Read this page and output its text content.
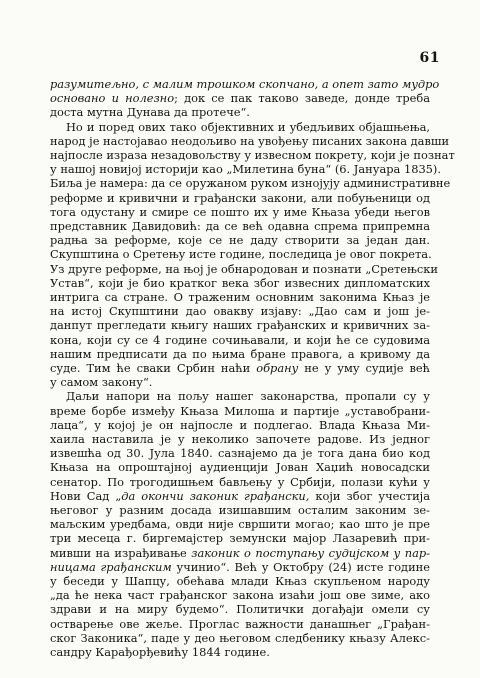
61
разумитељно, с малим трошком скопчано, а опет зато мудро
основано и нолезно; док се пак таково заведе, донде треба
доста мутна Дунава да протече“.
Но и поред ових тако објективних и убедљивих објашњења,
народ је настојавао неодољиво на увођењу писаних закона давши
најпосле израза незадовољству у извесном покрету, који је познат
у нашој новијој историји као „Милетина буна“ (6. Јануара 1835).
Биља је намера: да се оружаном руком изнојују административне
реформе и кривични и грађански закони, али побуњеници од
тога одустану и смире се пошто их у име Књаза убеди његов
представник Давидовић: да се већ одавна спрема припремна
радња за реформе, које се не даду створити за један дан.
Скупштина о Сретењу исте године, последица је овог покрета.
Уз друге реформе, на њој је обнародован и познати „Сретењски
Устав“, који је био кратког века због извесних дипломатских
интрига са стране. О траженим основним законима Књаз је
на истој Скупштини дао овакву изјаву: „Дао сам и још је-
данпут прегледати књигу наших грађанских и кривичних за-
кона, који су се 4 године сочињавали, и који ће се судовима
нашим предписати да по њима бране правога, а кривому да
суде. Тим ће сваки Србин наћи обрану не у уму судије већ
у самом закону“.
Даљи напори на пољу нашег законарства, пропали су у
време борбе између Књаза Милоша и партије „уставобрани-
лаца“, у којој је он најпосле и подлегао. Влада Књаза Ми-
хаила наставила је у неколико започете радове. Из једног
извешћа од 30. Јула 1840. сазнајемо да је тога дана био код
Књаза на опроштајној аудиенцији Јован Хаџић новосадски
сенатор. По трогодишњем бављењу у Србији, полази кући у
Нови Сад „да окончи законик грађански, који због учестија
његовог у разним досада изишавшим осталим законим зе-
маљским уредбама, овди није свршити могао; као што је пре
три месеца г. биргемајстер земунски мајор Лазаревић при-
мивши на израђивање законик о поступању судијском у пар-
ницама грађанским учинио“. Већ у Октобру (24) исте године
у беседи у Шапцу, обећава млади Књаз скупљеном народу
„да ће нека част грађанског закона изаћи још ове зиме, ако
здрави и на миру будемо“. Политички догађаји омели су
остварење ове жеље. Проглас важности данашњег „Грађан-
ског Законика“, паде у део његовом следбенику књазу Алекс-
сандру Карађорђевићу 1844 године.
